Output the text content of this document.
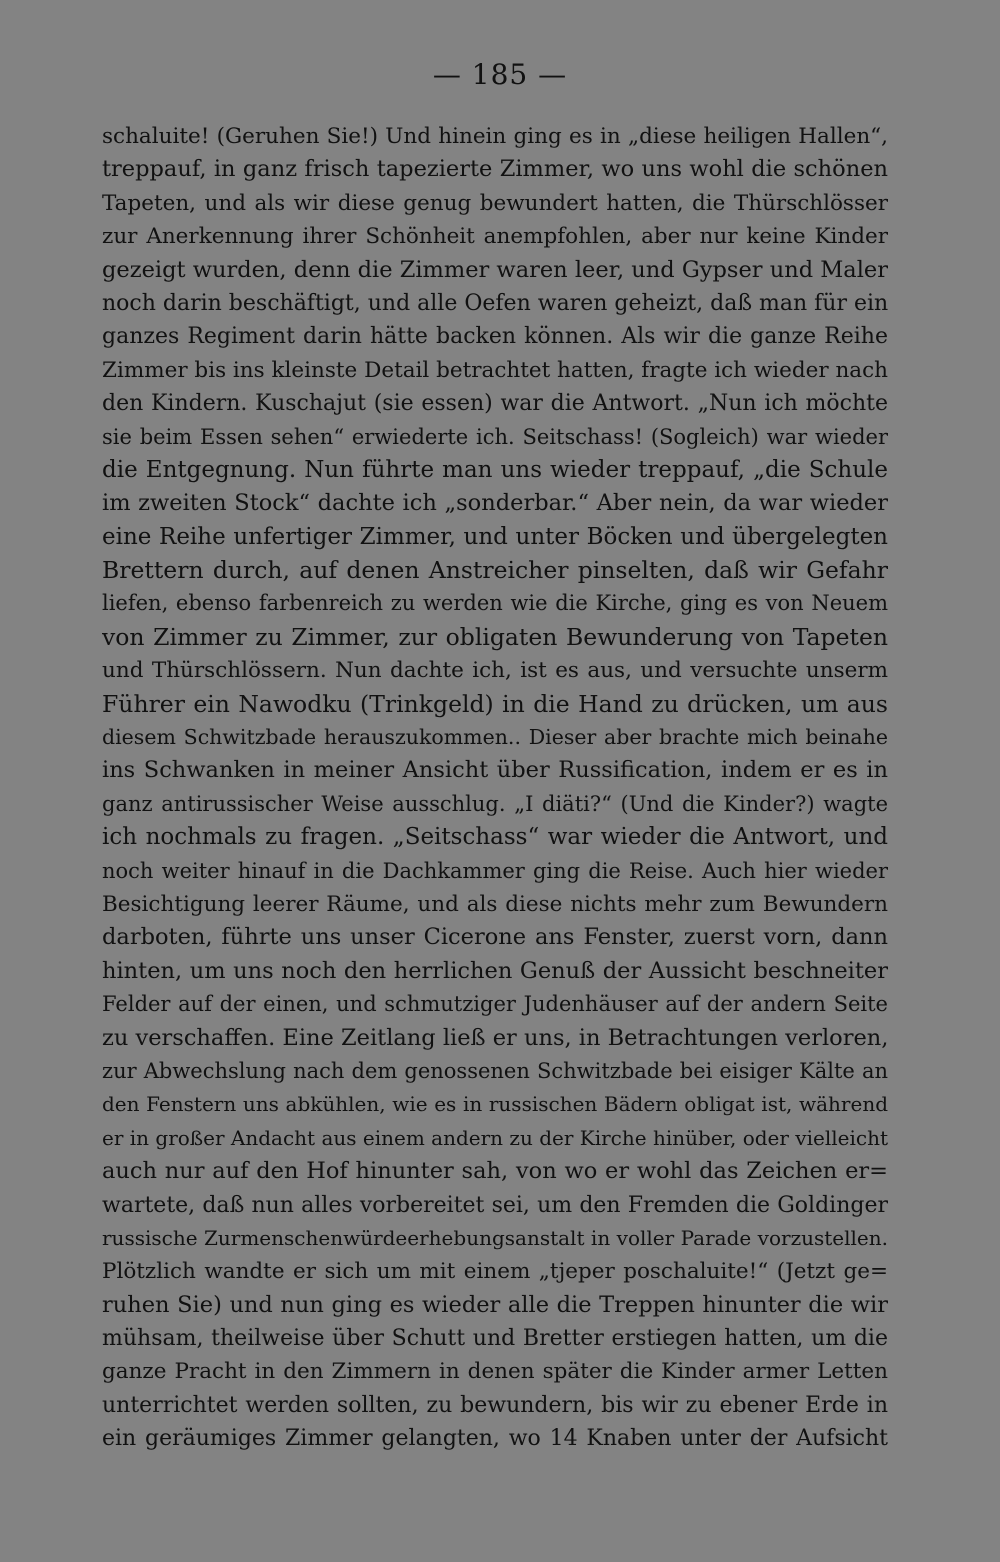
— 185 —
schaluite! (Geruhen Sie!) Und hinein ging es in „diese heiligen Hallen“,
treppauf, in ganz frisch tapezierte Zimmer, wo uns wohl die schönen
Tapeten, und als wir diese genug bewundert hatten, die Thürschlösser
zur Anerkennung ihrer Schönheit anempfohlen, aber nur keine Kinder
gezeigt wurden, denn die Zimmer waren leer, und Gypser und Maler
noch darin beschäftigt, und alle Oefen waren geheizt, daß man für ein
ganzes Regiment darin hätte backen können. Als wir die ganze Reihe
Zimmer bis ins kleinste Detail betrachtet hatten, fragte ich wieder nach
den Kindern. Kuschajut (sie essen) war die Antwort. „Nun ich möchte
sie beim Essen sehen“ erwiederte ich. Seitschass! (Sogleich) war wieder
die Entgegnung. Nun führte man uns wieder treppauf, „die Schule
im zweiten Stock“ dachte ich „sonderbar.“ Aber nein, da war wieder
eine Reihe unfertiger Zimmer, und unter Böcken und übergelegten
Brettern durch, auf denen Anstreicher pinselten, daß wir Gefahr
liefen, ebenso farbenreich zu werden wie die Kirche, ging es von Neuem
von Zimmer zu Zimmer, zur obligaten Bewunderung von Tapeten
und Thürschlössern. Nun dachte ich, ist es aus, und versuchte unserm
Führer ein Nawodku (Trinkgeld) in die Hand zu drücken, um aus
diesem Schwitzbade herauszukommen.. Dieser aber brachte mich beinahe
ins Schwanken in meiner Ansicht über Russification, indem er es in
ganz antirussischer Weise ausschlug. „I diäti?“ (Und die Kinder?) wagte
ich nochmals zu fragen. „Seitschass“ war wieder die Antwort, und
noch weiter hinauf in die Dachkammer ging die Reise. Auch hier wieder
Besichtigung leerer Räume, und als diese nichts mehr zum Bewundern
darboten, führte uns unser Cicerone ans Fenster, zuerst vorn, dann
hinten, um uns noch den herrlichen Genuß der Aussicht beschneiter
Felder auf der einen, und schmutziger Judenhäuser auf der andern Seite
zu verschaffen. Eine Zeitlang ließ er uns, in Betrachtungen verloren,
zur Abwechslung nach dem genossenen Schwitzbade bei eisiger Kälte an
den Fenstern uns abkühlen, wie es in russischen Bädern obligat ist, während
er in großer Andacht aus einem andern zu der Kirche hinüber, oder vielleicht
auch nur auf den Hof hinunter sah, von wo er wohl das Zeichen er=
wartete, daß nun alles vorbereitet sei, um den Fremden die Goldinger
russische Zurmenschenwürdeerhebungsanstalt in voller Parade vorzustellen.
Plötzlich wandte er sich um mit einem „tjeper poschaluite!“ (Jetzt ge=
ruhen Sie) und nun ging es wieder alle die Treppen hinunter die wir
mühsam, theilweise über Schutt und Bretter erstiegen hatten, um die
ganze Pracht in den Zimmern in denen später die Kinder armer Letten
unterrichtet werden sollten, zu bewundern, bis wir zu ebener Erde in
ein geräumiges Zimmer gelangten, wo 14 Knaben unter der Aufsicht
